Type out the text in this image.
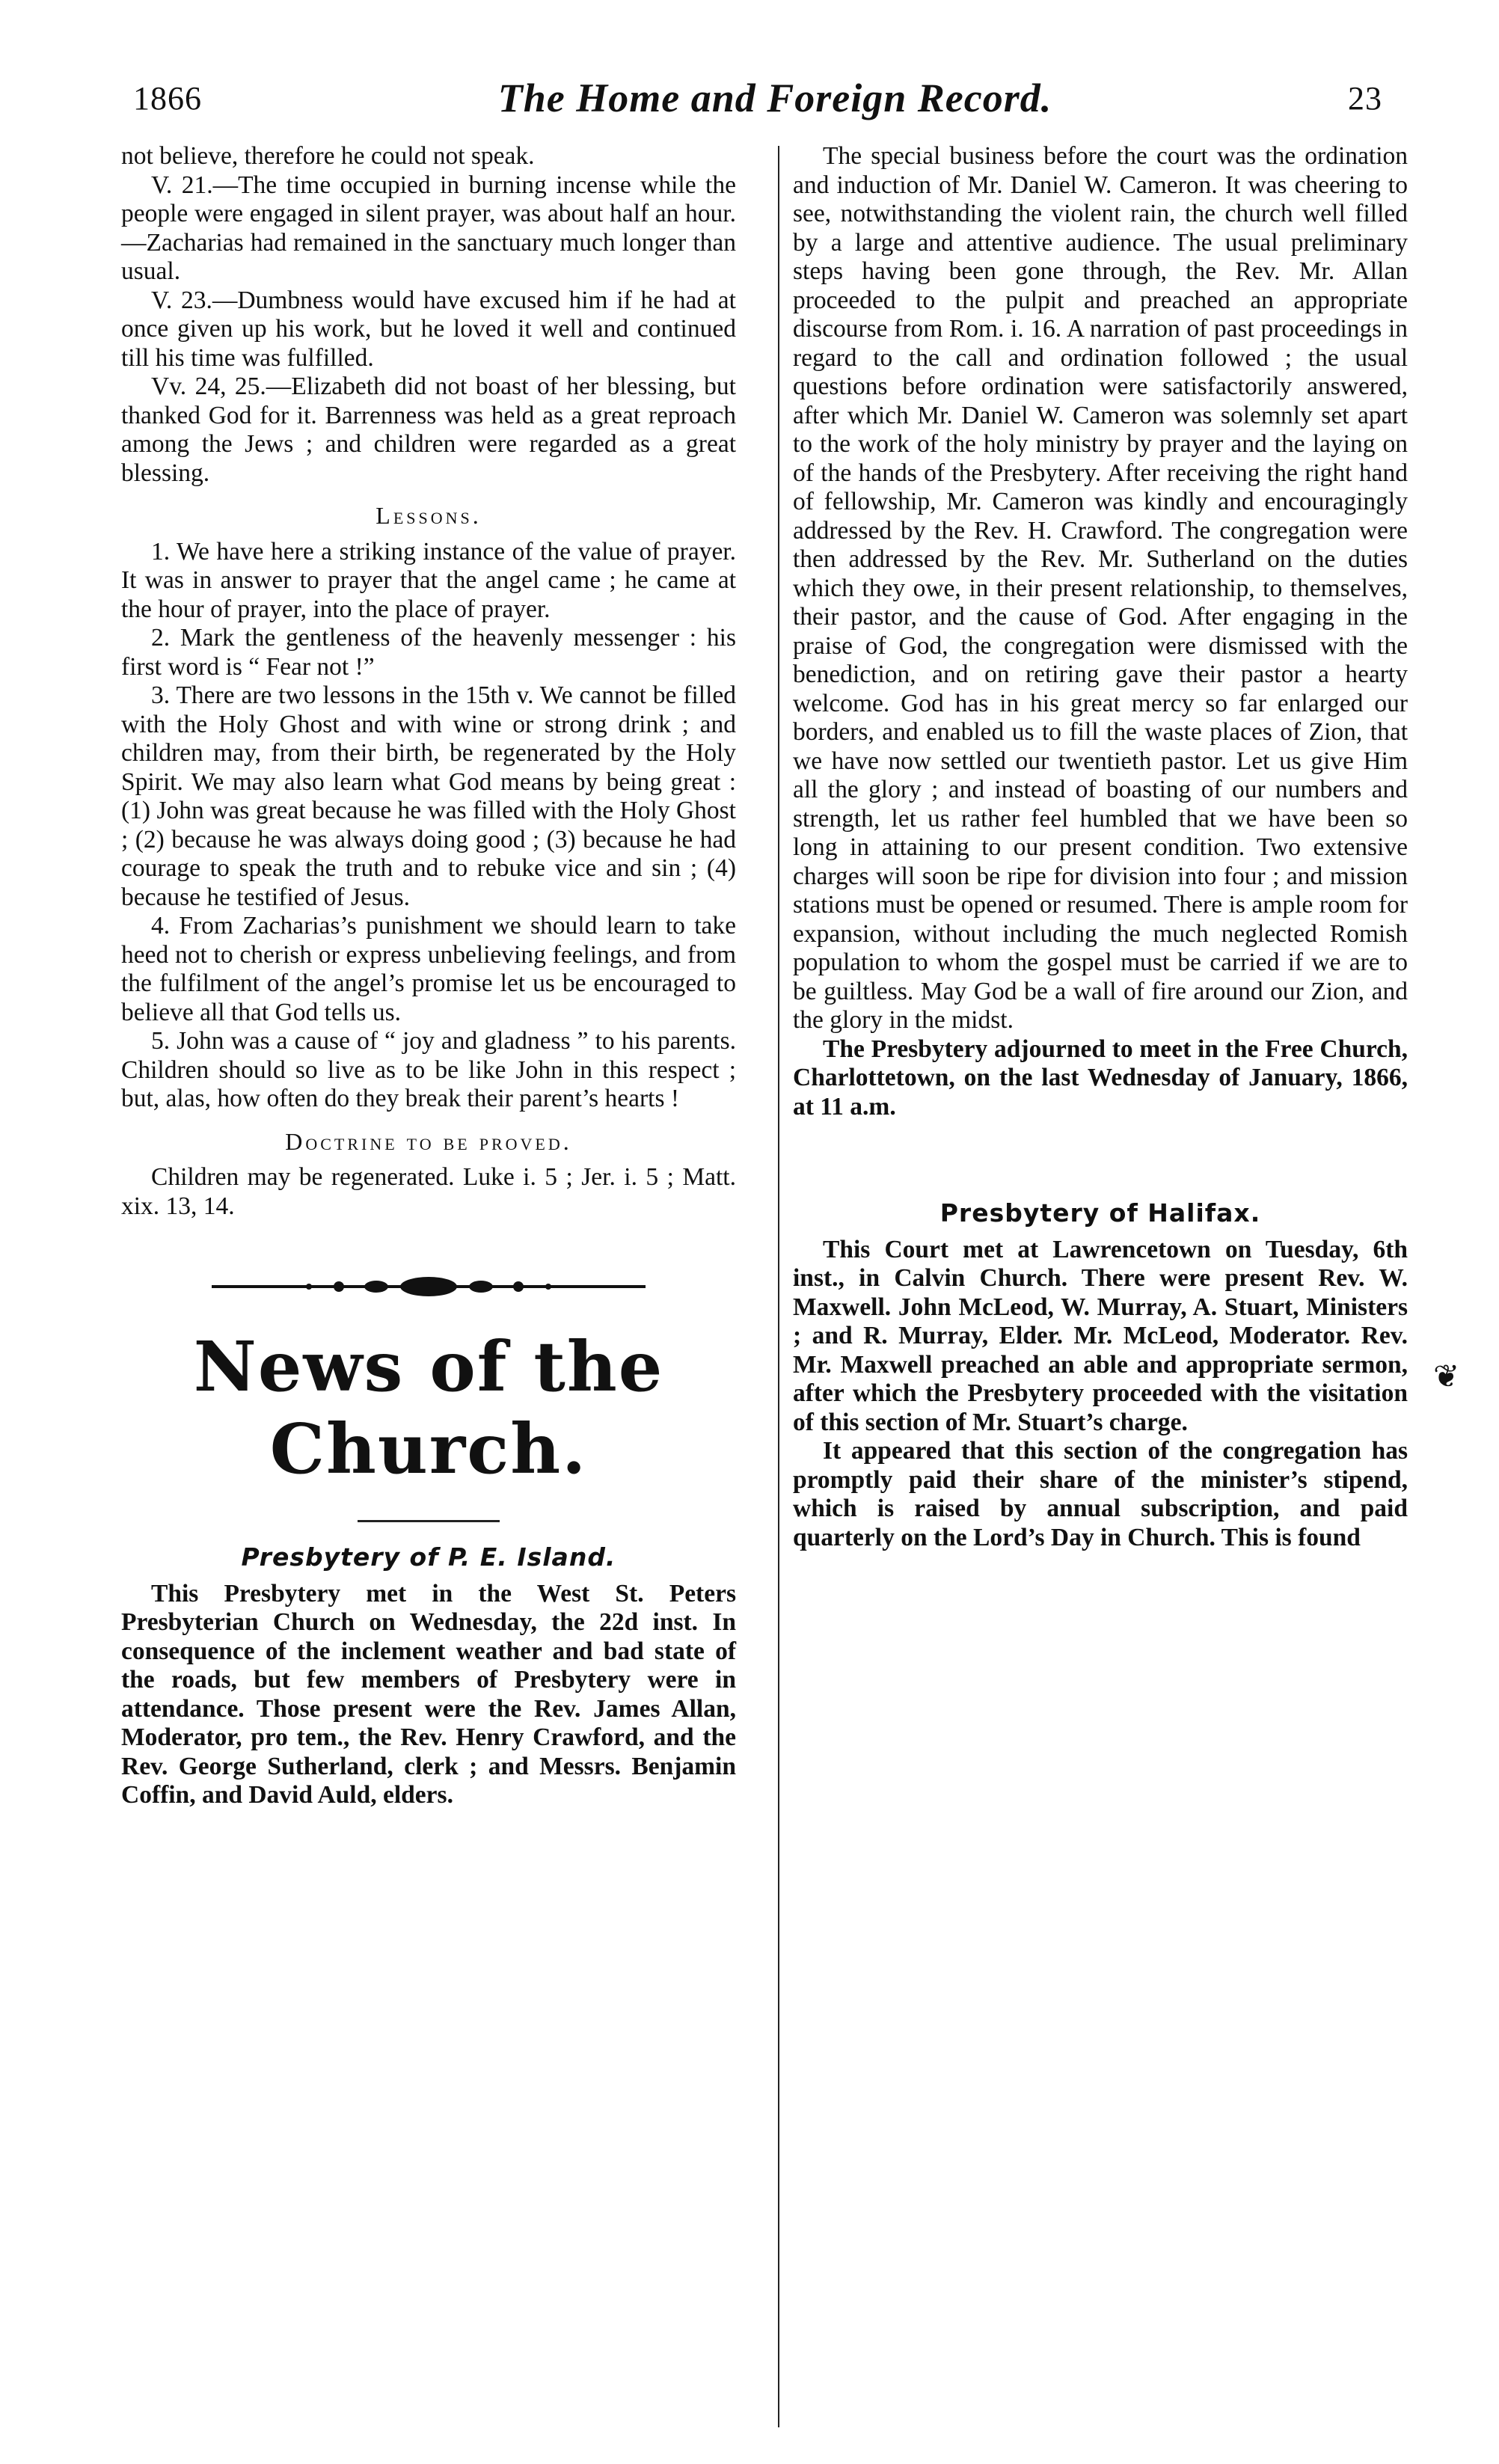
1866	The Home and Foreign Record.	23

not believe, therefore he could not speak.

V. 21.—The time occupied in burning incense while the people were engaged in silent prayer, was about half an hour.—Zacharias had remained in the sanctuary much longer than usual.

V. 23.—Dumbness would have excused him if he had at once given up his work, but he loved it well and continued till his time was fulfilled.

Vv. 24, 25.—Elizabeth did not boast of her blessing, but thanked God for it. Barrenness was held as a great reproach among the Jews ; and children were regarded as a great blessing.

Lessons.

1. We have here a striking instance of the value of prayer. It was in answer to prayer that the angel came ; he came at the hour of prayer, into the place of prayer.

2. Mark the gentleness of the heavenly messenger : his first word is “ Fear not !”

3. There are two lessons in the 15th v. We cannot be filled with the Holy Ghost and with wine or strong drink ; and children may, from their birth, be regenerated by the Holy Spirit. We may also learn what God means by being great : (1) John was great because he was filled with the Holy Ghost ; (2) because he was always doing good ; (3) because he had courage to speak the truth and to rebuke vice and sin ; (4) because he testified of Jesus.

4. From Zacharias’s punishment we should learn to take heed not to cherish or express unbelieving feelings, and from the fulfilment of the angel’s promise let us be encouraged to believe all that God tells us.

5. John was a cause of “ joy and gladness ” to his parents. Children should so live as to be like John in this respect ; but, alas, how often do they break their parent’s hearts !

Doctrine to be proved.

Children may be regenerated. Luke i. 5 ; Jer. i. 5 ; Matt. xix. 13, 14.

News of the Church.
Presbytery of P. E. Island.

This Presbytery met in the West St. Peters Presbyterian Church on Wednesday, the 22d inst. In consequence of the inclement weather and bad state of the roads, but few members of Presbytery were in attendance. Those present were the Rev. James Allan, Moderator, pro tem., the Rev. Henry Crawford, and the Rev. George Sutherland, clerk ; and Messrs. Benjamin Coffin, and David Auld, elders.

The special business before the court was the ordination and induction of Mr. Daniel W. Cameron. It was cheering to see, notwithstanding the violent rain, the church well filled by a large and attentive audience. The usual preliminary steps having been gone through, the Rev. Mr. Allan proceeded to the pulpit and preached an appropriate discourse from Rom. i. 16. A narration of past proceedings in regard to the call and ordination followed ; the usual questions before ordination were satisfactorily answered, after which Mr. Daniel W. Cameron was solemnly set apart to the work of the holy ministry by prayer and the laying on of the hands of the Presbytery. After receiving the right hand of fellowship, Mr. Cameron was kindly and encouragingly addressed by the Rev. H. Crawford. The congregation were then addressed by the Rev. Mr. Sutherland on the duties which they owe, in their present relationship, to themselves, their pastor, and the cause of God. After engaging in the praise of God, the congregation were dismissed with the benediction, and on retiring gave their pastor a hearty welcome. God has in his great mercy so far enlarged our borders, and enabled us to fill the waste places of Zion, that we have now settled our twentieth pastor. Let us give Him all the glory ; and instead of boasting of our numbers and strength, let us rather feel humbled that we have been so long in attaining to our present condition. Two extensive charges will soon be ripe for division into four ; and mission stations must be opened or resumed. There is ample room for expansion, without including the much neglected Romish population to whom the gospel must be carried if we are to be guiltless. May God be a wall of fire around our Zion, and the glory in the midst.

The Presbytery adjourned to meet in the Free Church, Charlottetown, on the last Wednesday of January, 1866, at 11 a.m.

Presbytery of Halifax.

This Court met at Lawrencetown on Tuesday, 6th inst., in Calvin Church. There were present Rev. W. Maxwell. John McLeod, W. Murray, A. Stuart, Ministers ; and R. Murray, Elder. Mr. McLeod, Moderator. Rev. Mr. Maxwell preached an able and appropriate sermon, after which the Presbytery proceeded with the visitation of this section of Mr. Stuart’s charge.

It appeared that this section of the congregation has promptly paid their share of the minister’s stipend, which is raised by annual subscription, and paid quarterly on the Lord’s Day in Church. This is found

❦
